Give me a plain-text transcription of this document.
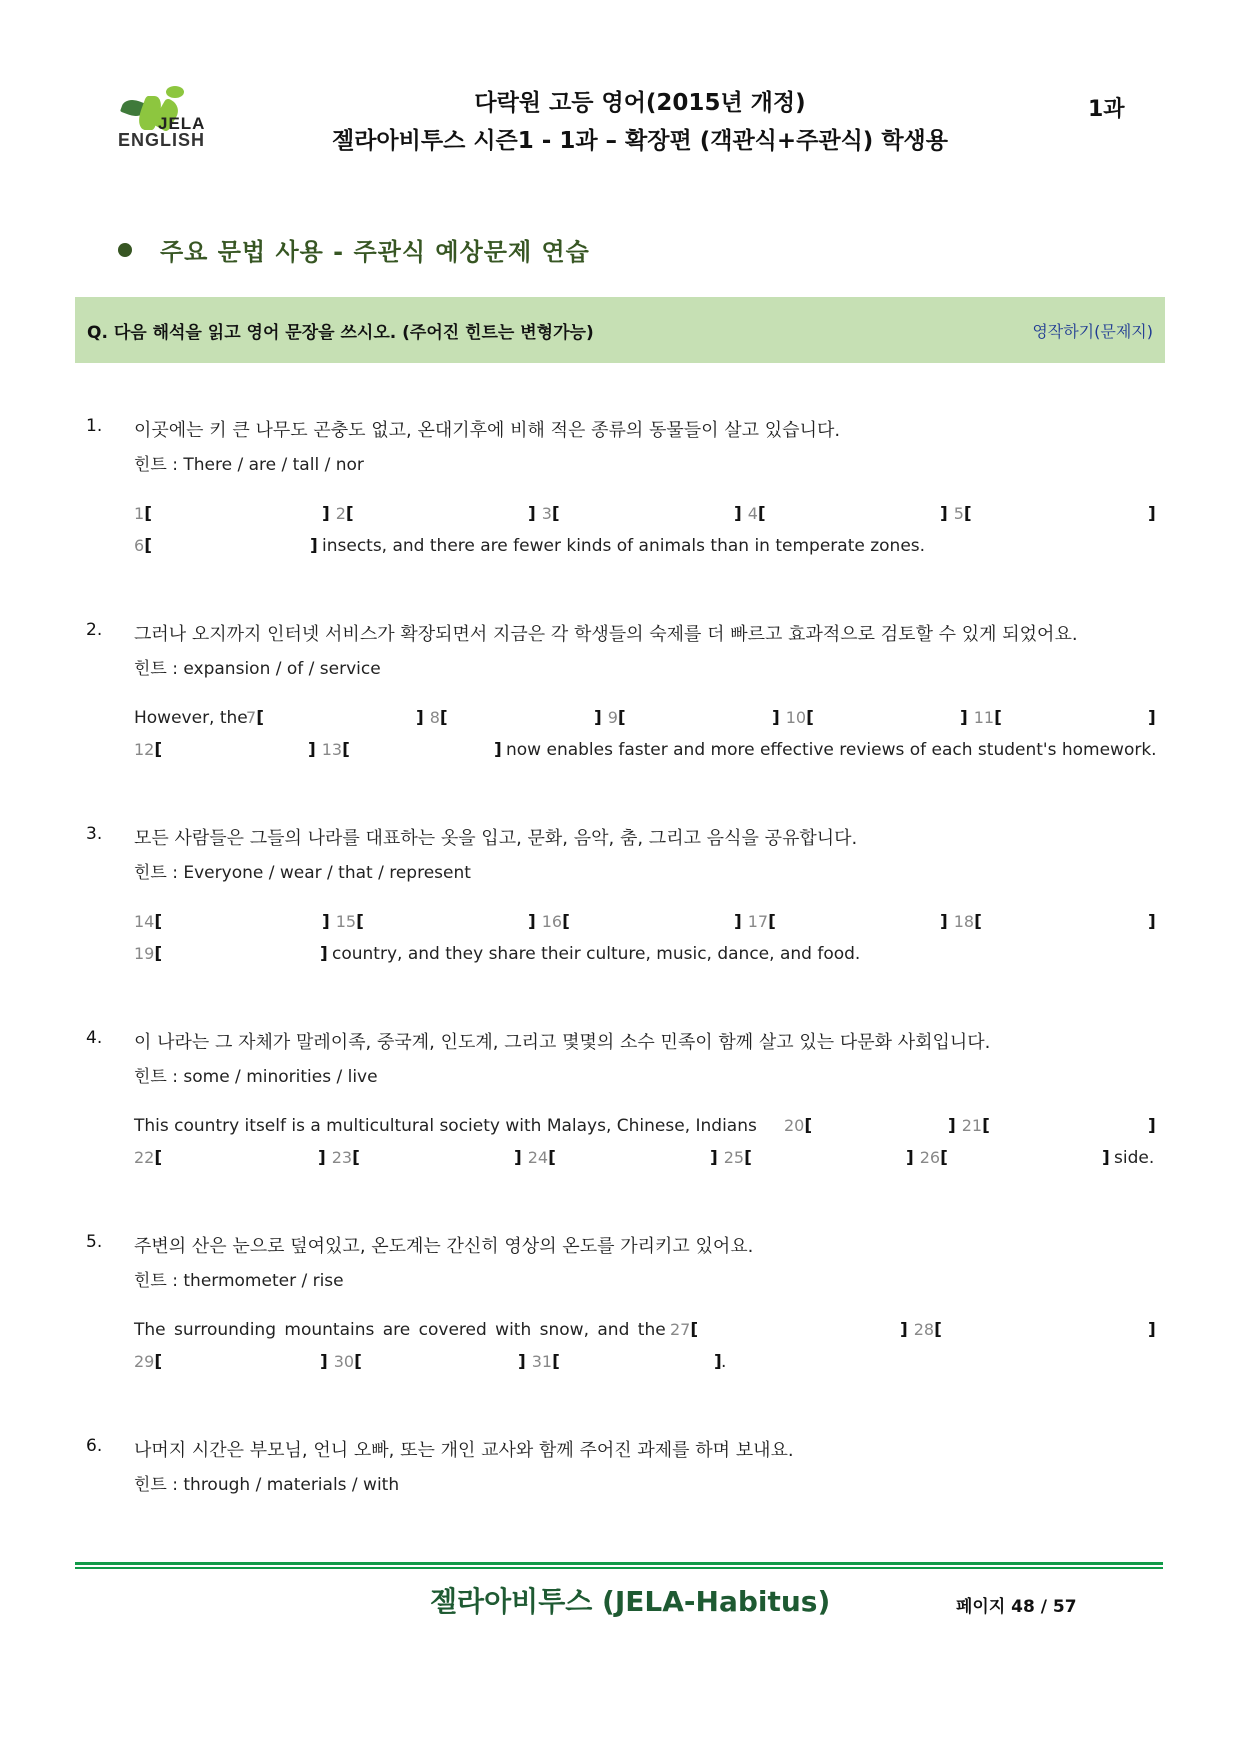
JELA
ENGLISH
다락원 고등 영어(2015년 개정)
젤라아비투스 시즌1 - 1과 – 확장편 (객관식+주관식) 학생용
1과
주요 문법 사용 - 주관식 예상문제 연습
Q. 다음 해석을 읽고 영어 문장을 쓰시오. (주어진 힌트는 변형가능)	영작하기(문제지)
1. 이곳에는 키 큰 나무도 곤충도 없고, 온대기후에 비해 적은 종류의 동물들이 살고 있습니다.
힌트 : There / are / tall / nor
1[	] 2[	] 3[	] 4[	] 5[	]
6[	] insects, and there are fewer kinds of animals than in temperate zones.
2. 그러나 오지까지 인터넷 서비스가 확장되면서 지금은 각 학생들의 숙제를 더 빠르고 효과적으로 검토할 수 있게 되었어요.
힌트 : expansion / of / service
However, the
7[	] 8[	] 9[	] 10[	] 11[	]
12[	] 13[	] now enables faster and more effective reviews of each student's homework.
3. 모든 사람들은 그들의 나라를 대표하는 옷을 입고, 문화, 음악, 춤, 그리고 음식을 공유합니다.
힌트 : Everyone / wear / that / represent
14[	] 15[	] 16[	] 17[	] 18[	]
19[	] country, and they share their culture, music, dance, and food.
4. 이 나라는 그 자체가 말레이족, 중국계, 인도계, 그리고 몇몇의 소수 민족이 함께 살고 있는 다문화 사회입니다.
힌트 : some / minorities / live
This country itself is a multicultural society with Malays, Chinese, Indians 20[	] 21[	]
22[	] 23[	] 24[	] 25[	] 26[	] side.
5. 주변의 산은 눈으로 덮여있고, 온도계는 간신히 영상의 온도를 가리키고 있어요.
힌트 : thermometer / rise
The surrounding mountains are covered with snow, and the 27[	] 28[	]
29[	] 30[	] 31[	] .
6. 나머지 시간은 부모님, 언니 오빠, 또는 개인 교사와 함께 주어진 과제를 하며 보내요.
힌트 : through / materials / with
젤라아비투스 (JELA-Habitus)	페이지 48 / 57
